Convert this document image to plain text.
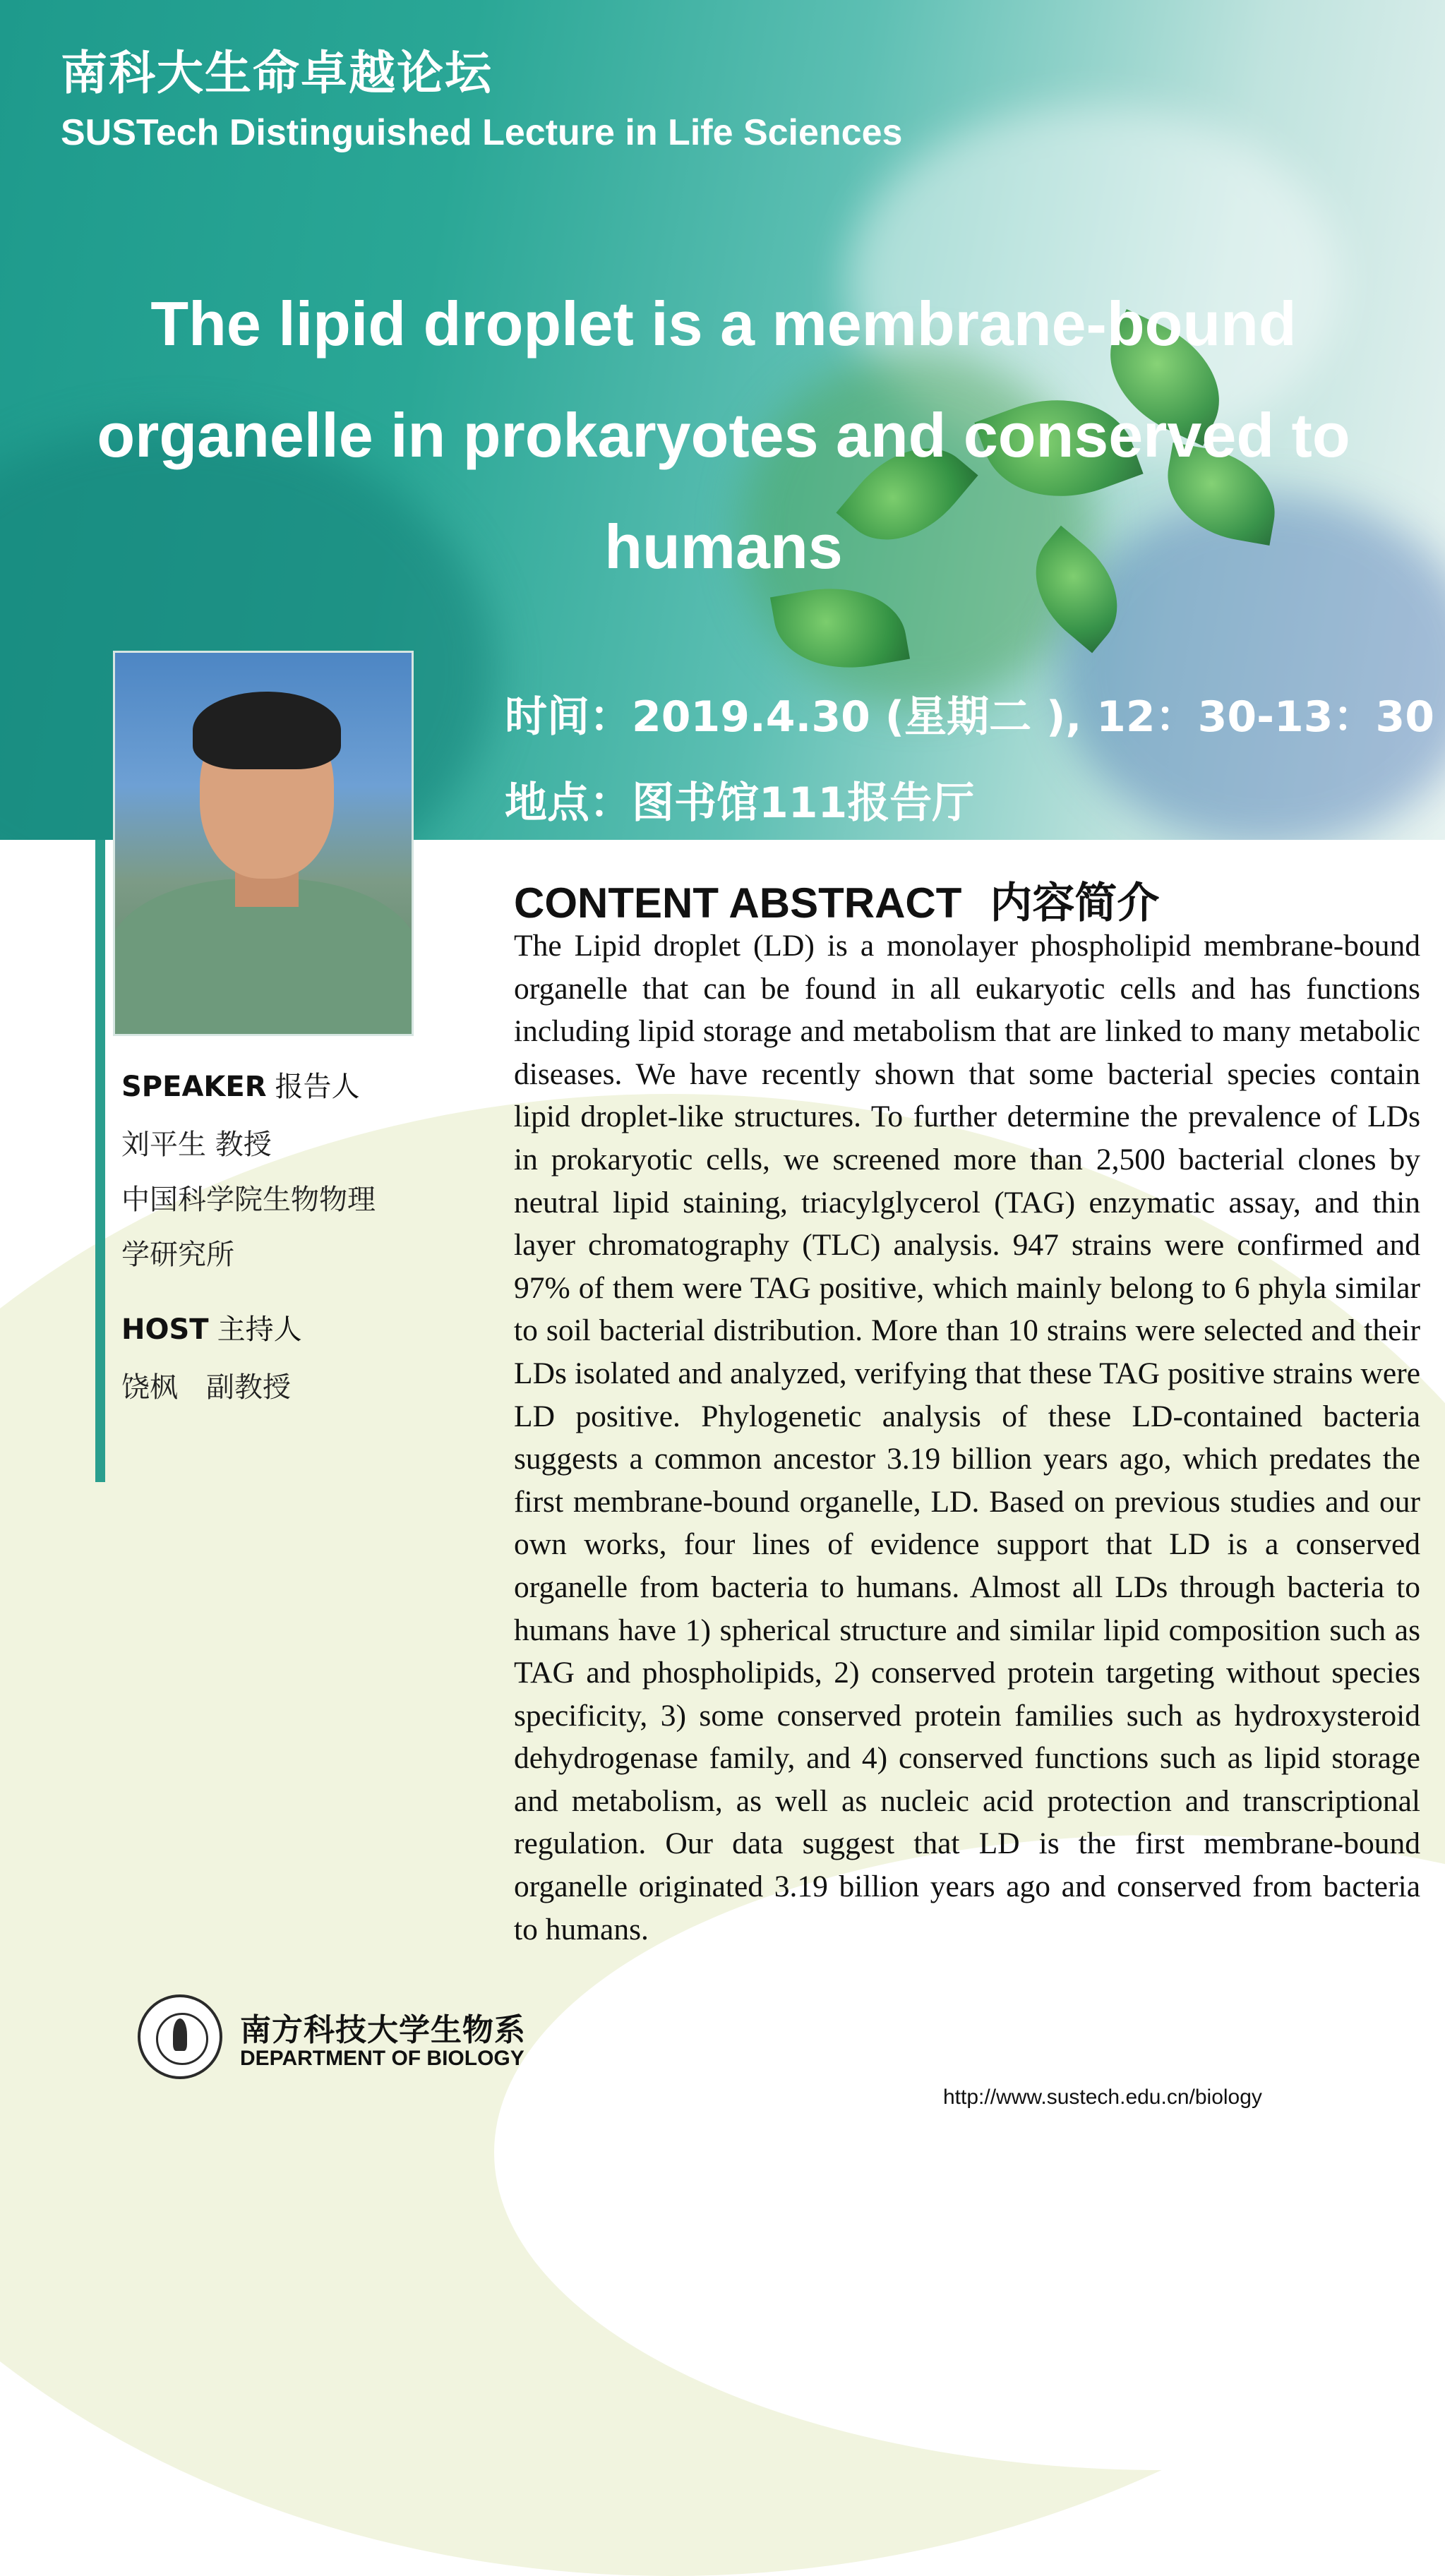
南科大生命卓越论坛
SUSTech Distinguished Lecture in Life Sciences
The lipid droplet is a membrane-bound
organelle in prokaryotes and conserved to
humans
时间：2019.4.30 (星期二 ), 12：30-13：30
地点：图书馆111报告厅
SPEAKER 报告人
刘平生 教授
中国科学院生物物理
学研究所
HOST 主持人
饶枫　副教授
CONTENT ABSTRACT 内容简介
The Lipid droplet (LD) is a monolayer phospholipid membrane-bound organelle that can be found in all eukaryotic cells and has functions including lipid storage and metabolism that are linked to many metabolic diseases. We have recently shown that some bacterial species contain lipid droplet-like structures. To further determine the prevalence of LDs in prokaryotic cells, we screened more than 2,500 bacterial clones by neutral lipid staining, triacylglycerol (TAG) enzymatic assay, and thin layer chromatography (TLC) analysis. 947 strains were confirmed and 97% of them were TAG positive, which mainly belong to 6 phyla similar to soil bacterial distribution. More than 10 strains were selected and their LDs isolated and analyzed, verifying that these TAG positive strains were LD positive. Phylogenetic analysis of these LD-contained bacteria suggests a common ancestor 3.19 billion years ago, which predates the first membrane-bound organelle, LD. Based on previous studies and our own works, four lines of evidence support that LD is a conserved organelle from bacteria to humans. Almost all LDs through bacteria to humans have 1) spherical structure and similar lipid composition such as TAG and phospholipids, 2) conserved protein targeting without species specificity, 3) some conserved protein families such as hydroxysteroid dehydrogenase family, and 4) conserved functions such as lipid storage and metabolism, as well as nucleic acid protection and transcriptional regulation. Our data suggest that LD is the first membrane-bound organelle originated 3.19 billion years ago and conserved from bacteria to humans.
南方科技大学生物系
DEPARTMENT OF BIOLOGY
http://www.sustech.edu.cn/biology
